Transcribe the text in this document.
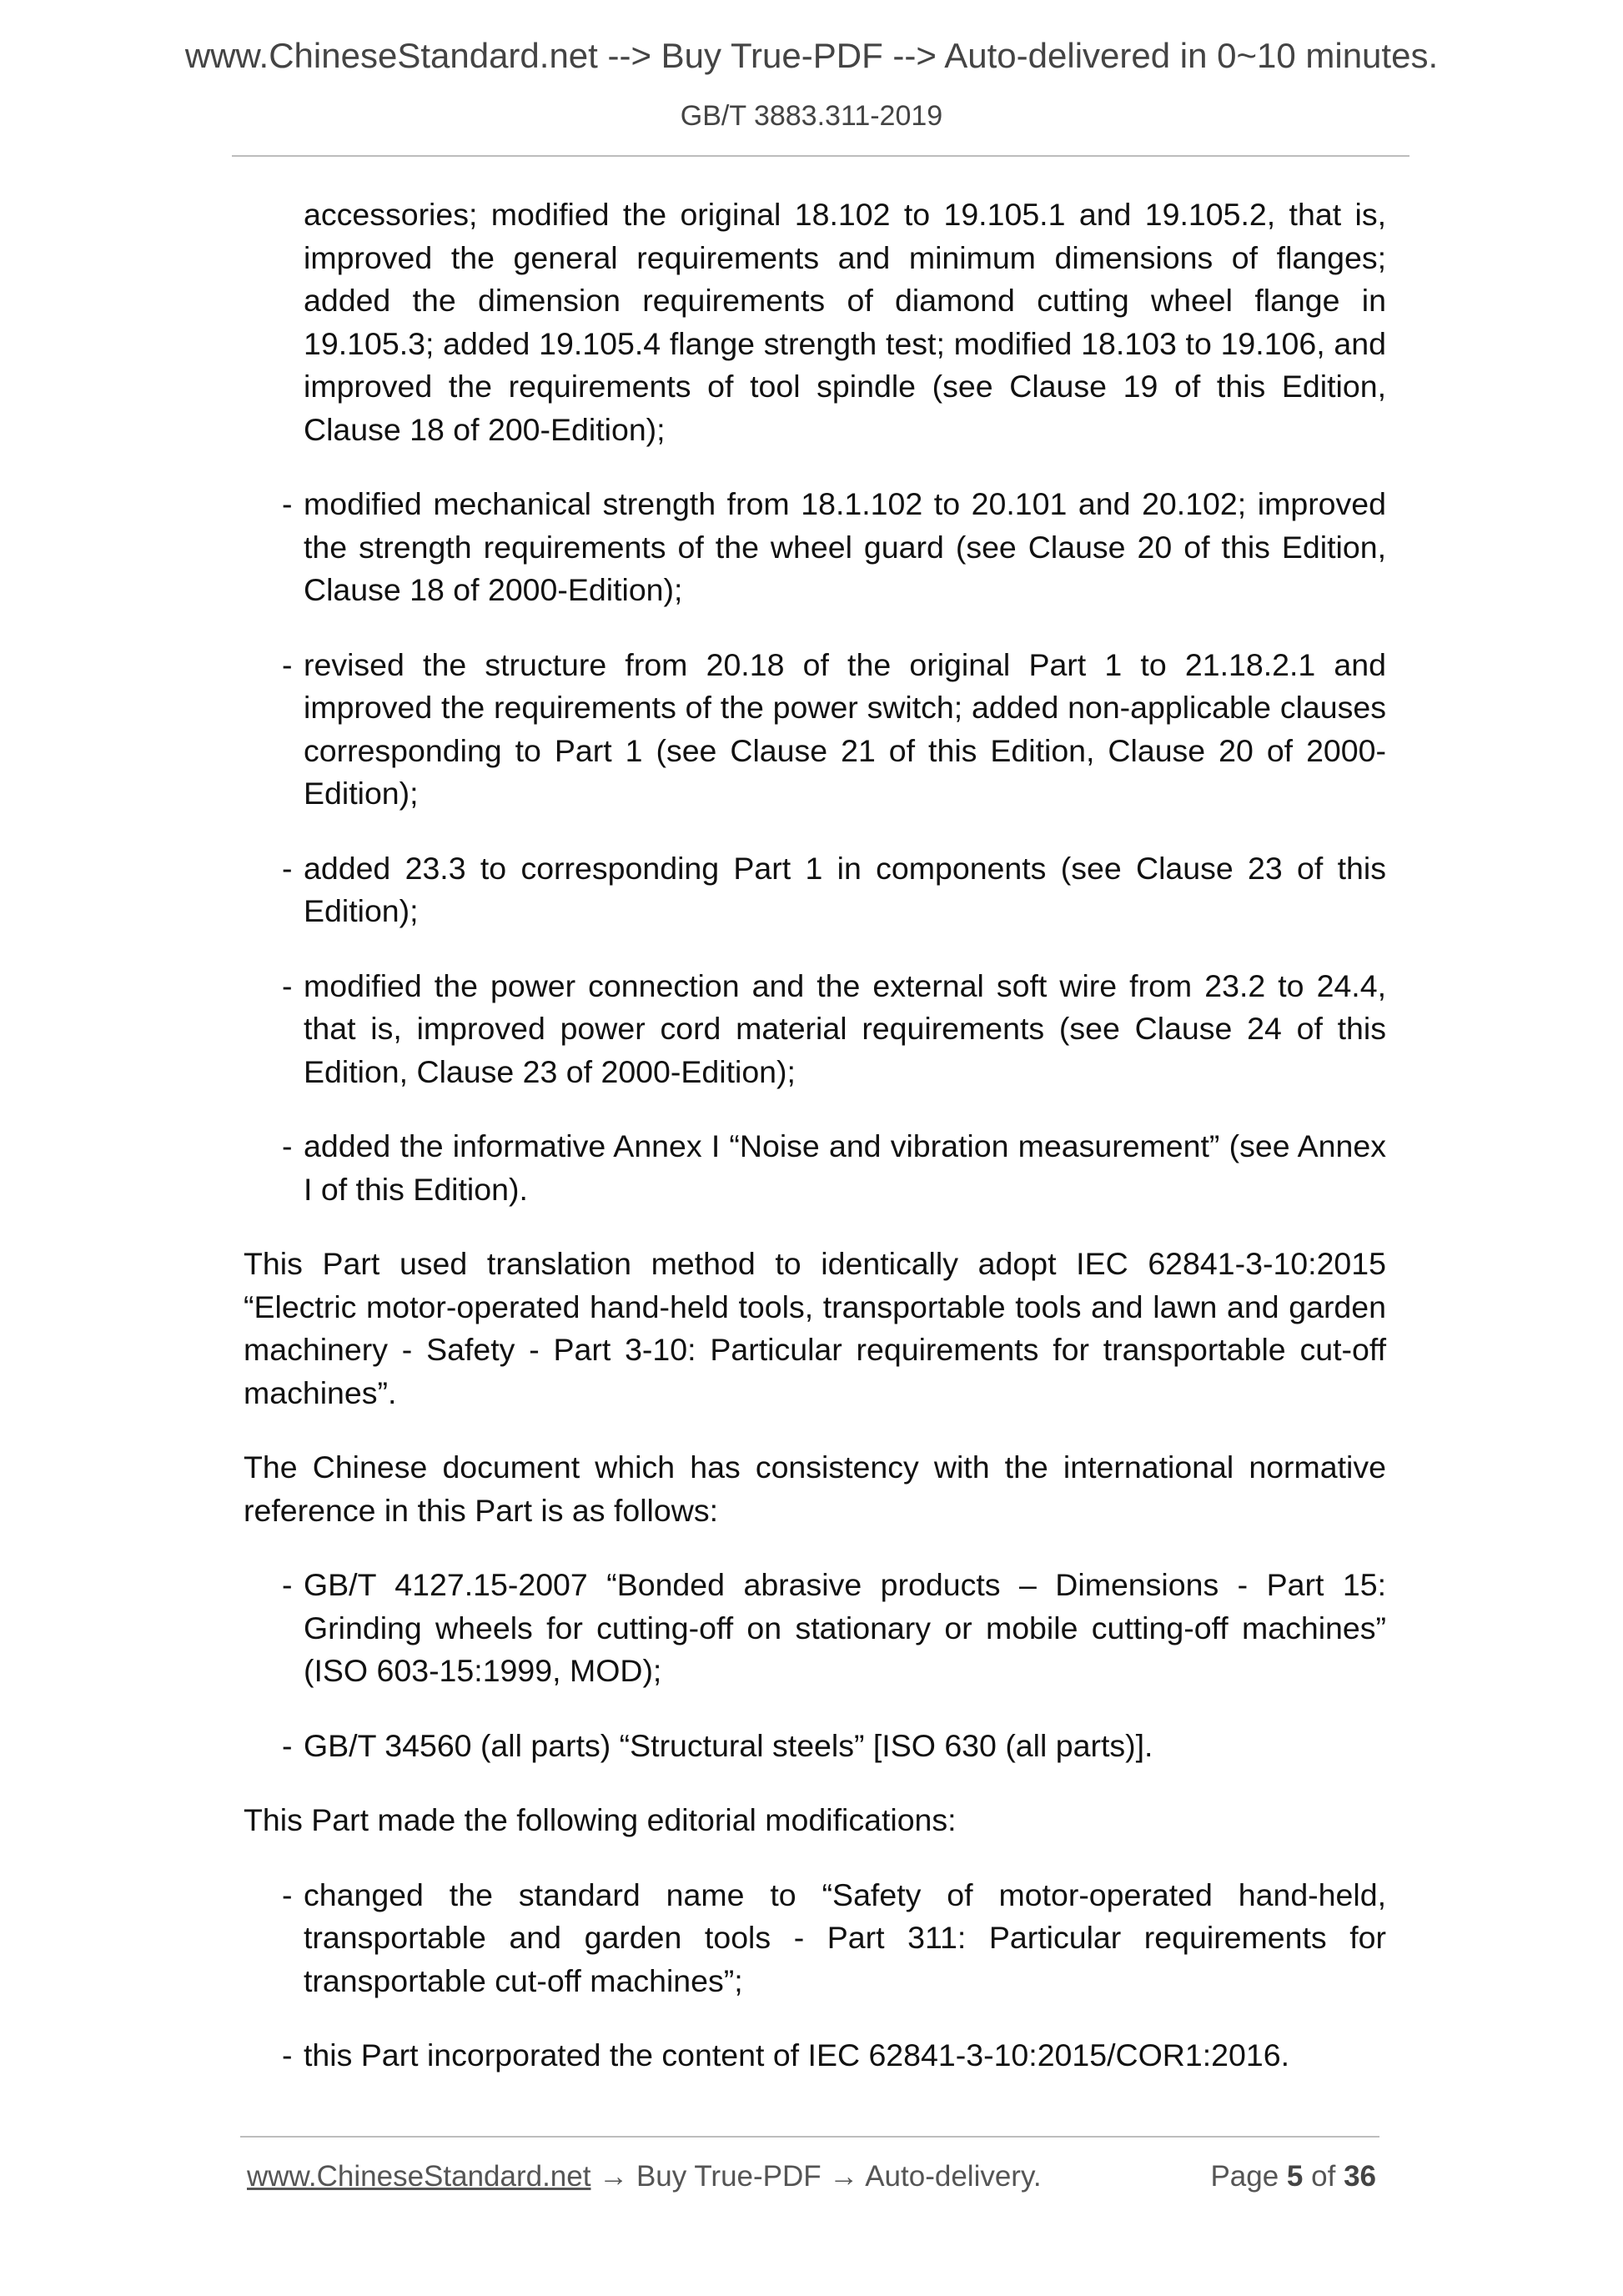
www.ChineseStandard.net --> Buy True-PDF --> Auto-delivered in 0~10 minutes.
GB/T 3883.311-2019

accessories; modified the original 18.102 to 19.105.1 and 19.105.2, that is, improved the general requirements and minimum dimensions of flanges; added the dimension requirements of diamond cutting wheel flange in 19.105.3; added 19.105.4 flange strength test; modified 18.103 to 19.106, and improved the requirements of tool spindle (see Clause 19 of this Edition, Clause 18 of 200-Edition);

- modified mechanical strength from 18.1.102 to 20.101 and 20.102; improved the strength requirements of the wheel guard (see Clause 20 of this Edition, Clause 18 of 2000-Edition);

- revised the structure from 20.18 of the original Part 1 to 21.18.2.1 and improved the requirements of the power switch; added non-applicable clauses corresponding to Part 1 (see Clause 21 of this Edition, Clause 20 of 2000-Edition);

- added 23.3 to corresponding Part 1 in components (see Clause 23 of this Edition);

- modified the power connection and the external soft wire from 23.2 to 24.4, that is, improved power cord material requirements (see Clause 24 of this Edition, Clause 23 of 2000-Edition);

- added the informative Annex I “Noise and vibration measurement” (see Annex I of this Edition).

This Part used translation method to identically adopt IEC 62841-3-10:2015 “Electric motor-operated hand-held tools, transportable tools and lawn and garden machinery - Safety - Part 3-10: Particular requirements for transportable cut-off machines”.

The Chinese document which has consistency with the international normative reference in this Part is as follows:

- GB/T 4127.15-2007 “Bonded abrasive products – Dimensions - Part 15: Grinding wheels for cutting-off on stationary or mobile cutting-off machines” (ISO 603-15:1999, MOD);

- GB/T 34560 (all parts) “Structural steels” [ISO 630 (all parts)].

This Part made the following editorial modifications:

- changed the standard name to “Safety of motor-operated hand-held, transportable and garden tools - Part 311: Particular requirements for transportable cut-off machines”;

- this Part incorporated the content of IEC 62841-3-10:2015/COR1:2016.

www.ChineseStandard.net → Buy True-PDF → Auto-delivery.	Page 5 of 36
